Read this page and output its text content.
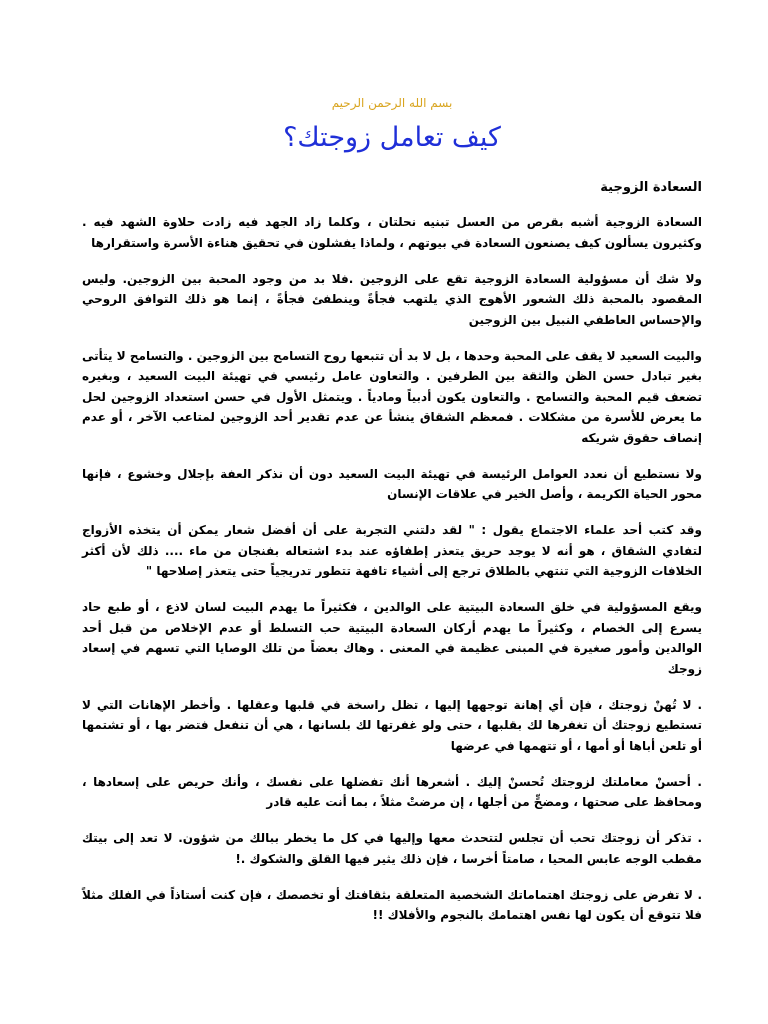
بسم الله الرحمن الرحيم
كيف تعامل زوجتك؟
السعادة الزوجية

السعادة الزوجية أشبه بقرص من العسل تبنيه نحلتان ، وكلما زاد الجهد فيه زادت حلاوة الشهد فيه . وكثيرون يسألون كيف يصنعون السعادة في بيوتهم ، ولماذا يفشلون في تحقيق هناءة الأسرة واستقرارها

ولا شك أن مسؤولية السعادة الزوجية تقع على الزوجين .فلا بد من وجود المحبة بين الزوجين. وليس المقصود بالمحبة ذلك الشعور الأهوج الذي يلتهب فجأةً وينطفئ فجأةً ، إنما هو ذلك التوافق الروحي والإحساس العاطفي النبيل بين الزوجين

والبيت السعيد لا يقف على المحبة وحدها ، بل لا بد أن تتبعها روح التسامح بين الزوجين . والتسامح لا يتأتى بغير تبادل حسن الظن والثقة بين الطرفين . والتعاون عامل رئيسي في تهيئة البيت السعيد ، وبغيره تضعف قيم المحبة والتسامح . والتعاون يكون أدبياً ومادياً . ويتمثل الأول في حسن استعداد الزوجين لحل ما يعرض للأسرة من مشكلات . فمعظم الشقاق ينشأ عن عدم تقدير أحد الزوجين لمتاعب الآخر ، أو عدم إنصاف حقوق شريكه

ولا نستطيع أن نعدد العوامل الرئيسة في تهيئة البيت السعيد دون أن نذكر العفة بإجلال وخشوع ، فإنها محور الحياة الكريمة ، وأصل الخير في علاقات الإنسان

وقد كتب أحد علماء الاجتماع يقول : " لقد دلتني التجربة على أن أفضل شعار يمكن أن يتخذه الأزواج لتفادي الشقاق ، هو أنه لا يوجد حريق يتعذر إطفاؤه عند بدء اشتعاله بفنجان من ماء .... ذلك لأن أكثر الخلافات الزوجية التي تنتهي بالطلاق ترجع إلى أشياء تافهة تتطور تدريجياً حتى يتعذر إصلاحها "

ويقع المسؤولية في خلق السعادة البيتية على الوالدين ، فكثيراً ما يهدم البيت لسان لاذع ، أو طبع حاد يسرع إلى الخصام ، وكثيراً ما يهدم أركان السعادة البيتية حب التسلط أو عدم الإخلاص من قبل أحد الوالدين وأمور صغيرة في المبنى عظيمة في المعنى . وهاك بعضاً من تلك الوصايا التي تسهم في إسعاد زوجك

. لا تُهنْ زوجتك ، فإن أي إهانة توجهها إليها ، تظل راسخة في قلبها وعقلها . وأخطر الإهانات التي لا تستطيع زوجتك أن تغفرها لك بقلبها ، حتى ولو غفرتها لك بلسانها ، هي أن تنفعل فتضر بها ، أو تشتمها أو تلعن أباها أو أمها ، أو تتهمها في عرضها

. أحسنْ معاملتك لزوجتك تُحسنْ إليك . أشعرها أنك تفضلها على نفسك ، وأنك حريص على إسعادها ، ومحافظ على صحتها ، ومضحٍّ من أجلها ، إن مرضتْ مثلاً ، بما أنت عليه قادر

. تذكر أن زوجتك تحب أن تجلس لتتحدث معها وإليها في كل ما يخطر ببالك من شؤون. لا تعد إلى بيتك مقطب الوجه عابس المحيا ، صامتاً أخرسا ، فإن ذلك يثير فيها القلق والشكوك .!

. لا تفرض على زوجتك اهتماماتك الشخصية المتعلقة بثقافتك أو تخصصك ، فإن كنت أستاذاً في الفلك مثلاً فلا تتوقع أن يكون لها نفس اهتمامك بالنجوم والأفلاك !!
